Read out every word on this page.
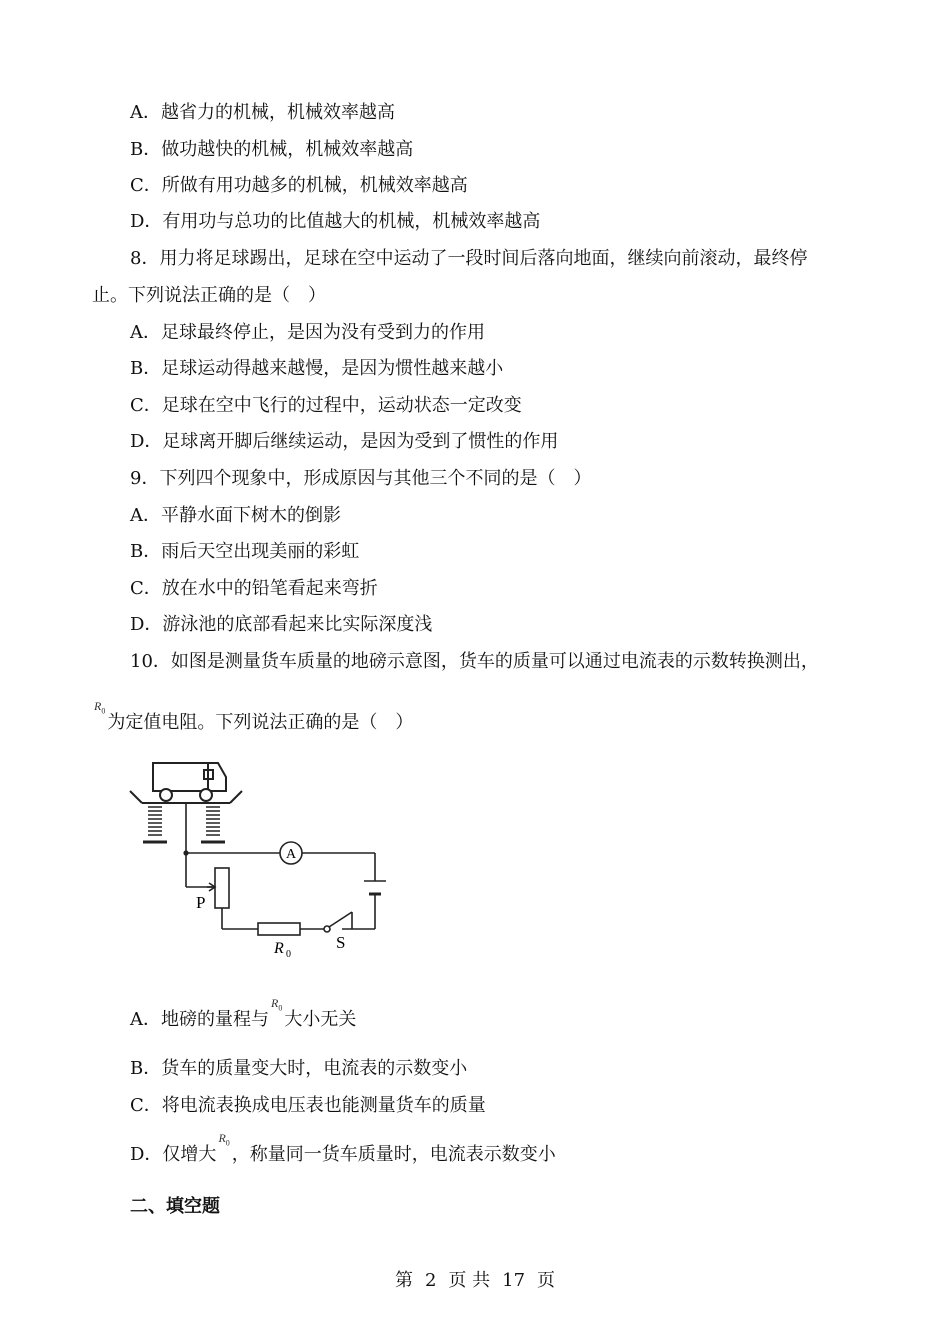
A．越省力的机械，机械效率越高
B．做功越快的机械，机械效率越高
C．所做有用功越多的机械，机械效率越高
D．有用功与总功的比值越大的机械，机械效率越高
8．用力将足球踢出，足球在空中运动了一段时间后落向地面，继续向前滚动，最终停
止。下列说法正确的是（　）
A．足球最终停止，是因为没有受到力的作用
B．足球运动得越来越慢，是因为惯性越来越小
C．足球在空中飞行的过程中，运动状态一定改变
D．足球离开脚后继续运动，是因为受到了惯性的作用
9．下列四个现象中，形成原因与其他三个不同的是（　）
A．平静水面下树木的倒影
B．雨后天空出现美丽的彩虹
C．放在水中的铅笔看起来弯折
D．游泳池的底部看起来比实际深度浅
10．如图是测量货车质量的地磅示意图，货车的质量可以通过电流表的示数转换测出，
$^{R_0}$为定值电阻。下列说法正确的是（　）
A
P
R 0
S
A．地磅的量程与$^{R_0}$大小无关
B．货车的质量变大时，电流表的示数变小
C．将电流表换成电压表也能测量货车的质量
D．仅增大$^{R_0}$，称量同一货车质量时，电流表示数变小
二、填空题
第 2 页 共 17 页
